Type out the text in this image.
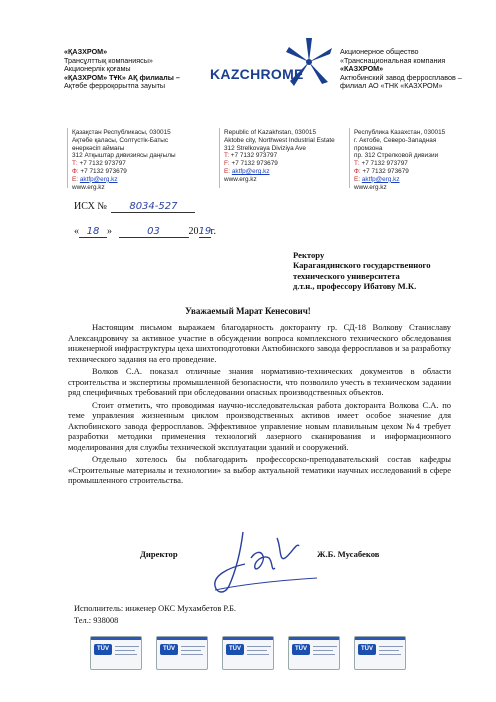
«ҚАЗХРОМ»
Трансұлттық компаниясы»
Акционерлік қоғамы
«ҚАЗХРОМ» ТҰК» АҚ филиалы –
Ақтөбе ферроқорытпа зауыты
KAZCHROME
Акционерное общество
«Транснациональная компания
«КАЗХРОМ»
Актюбинский завод ферросплавов –
филиал АО «ТНК «КАЗХРОМ»
Қазақстан Республикасы, 030015
Ақтөбе қаласы, Солтүстік-Батыс
өнеркәсіп аймағы
312 Атқыштар дивизиясы даңғылы
Т: +7 7132 973797
Ф: +7 7132 973679
E: aktfp@erg.kz
www.erg.kz
Republic of Kazakhstan, 030015
Aktobe city, Northwest Industrial Estate
312 Strelkovaya Diviziya Ave
T: +7 7132 973797
F: +7 7132 973679
E: aktfp@erg.kz
www.erg.kz
Республика Казахстан, 030015
г. Актобе, Северо-Западная
промзона
пр. 312 Стрелковой дивизии
Т: +7 7132 973797
Ф: +7 7132 973679
E: aktfp@erg.kz
www.erg.kz
ИСХ № 8034-527
« 18 »	03	2019г.
Ректору
Карагандинского государственного
технического университета
д.т.н., профессору Ибатову М.К.
Уважаемый Марат Кенесович!

Настоящим письмом выражаем благодарность докторанту гр. СД-18 Волкову Станиславу Александровичу за активное участие в обсуждении вопроса комплексного технического обследования инженерной инфраструктуры цеха шихтоподготовки Актюбинского завода ферросплавов и за разработку технического задания на его проведение.

Волков С.А. показал отличные знания нормативно-технических документов в области строительства и экспертизы промышленной безопасности, что позволило учесть в техническом задании ряд специфичных требований при обследовании опасных производственных объектов.

Стоит отметить, что проводимая научно-исследовательская работа докторанта Волкова С.А. по теме управления жизненным циклом производственных активов имеет особое значение для Актюбинского завода ферросплавов. Эффективное управление новым плавильным цехом №4 требует разработки методики применения технологий лазерного сканирования и информационного моделирования для службы технической эксплуатации зданий и сооружений.

Отдельно хотелось бы поблагодарить профессорско-преподавательский состав кафедры «Строительные материалы и технологии» за выбор актуальной тематики научных исследований в сфере промышленного строительства.

Директор	Ж.Б. Мусабеков
Исполнитель: инженер ОКС Мухамбетов Р.Б.
Тел.: 938008
TÜV	TÜV	TÜV	TÜV	TÜV
